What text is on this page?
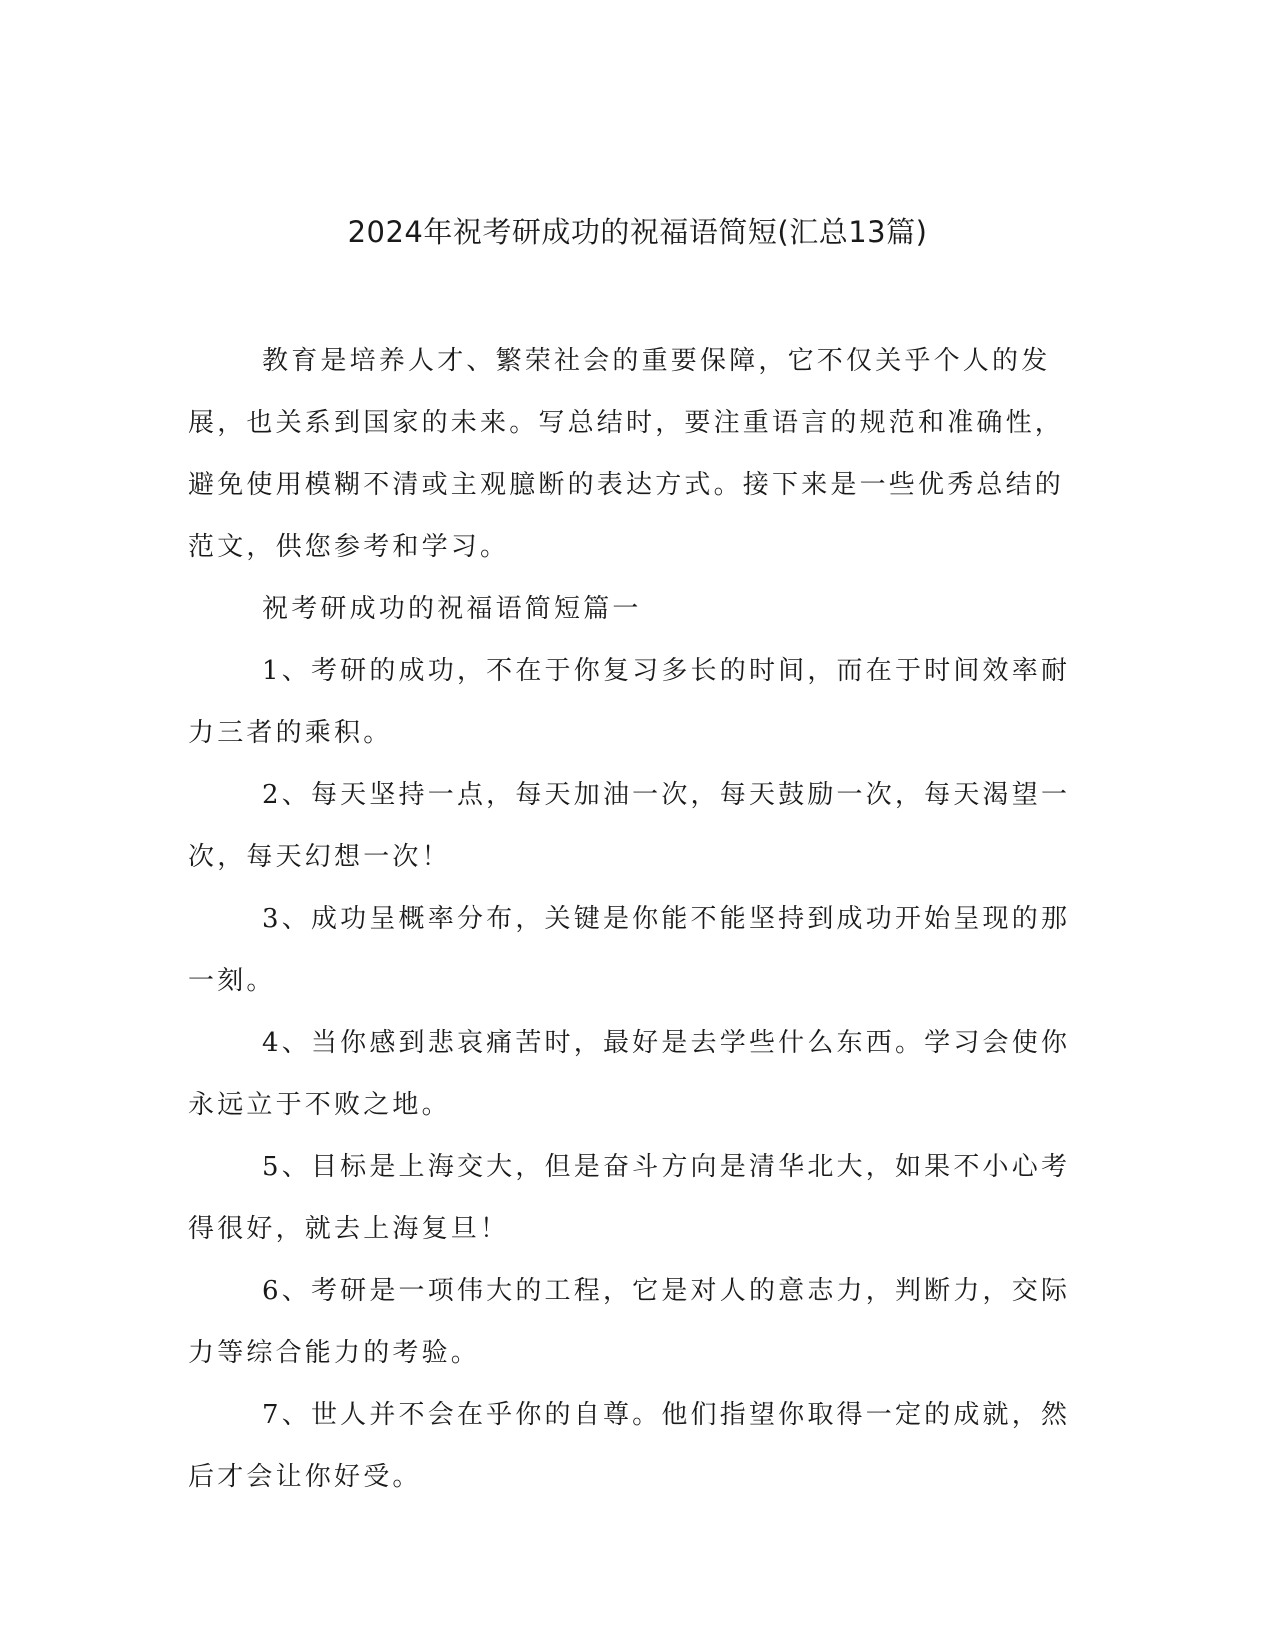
2024年祝考研成功的祝福语简短(汇总13篇)

教育是培养人才、繁荣社会的重要保障，它不仅关乎个人的发展，也关系到国家的未来。写总结时，要注重语言的规范和准确性，避免使用模糊不清或主观臆断的表达方式。接下来是一些优秀总结的范文，供您参考和学习。

祝考研成功的祝福语简短篇一

1、考研的成功，不在于你复习多长的时间，而在于时间效率耐力三者的乘积。

2、每天坚持一点，每天加油一次，每天鼓励一次，每天渴望一次，每天幻想一次！

3、成功呈概率分布，关键是你能不能坚持到成功开始呈现的那一刻。

4、当你感到悲哀痛苦时，最好是去学些什么东西。学习会使你永远立于不败之地。

5、目标是上海交大，但是奋斗方向是清华北大，如果不小心考得很好，就去上海复旦！

6、考研是一项伟大的工程，它是对人的意志力，判断力，交际力等综合能力的考验。

7、世人并不会在乎你的自尊。他们指望你取得一定的成就，然后才会让你好受。
